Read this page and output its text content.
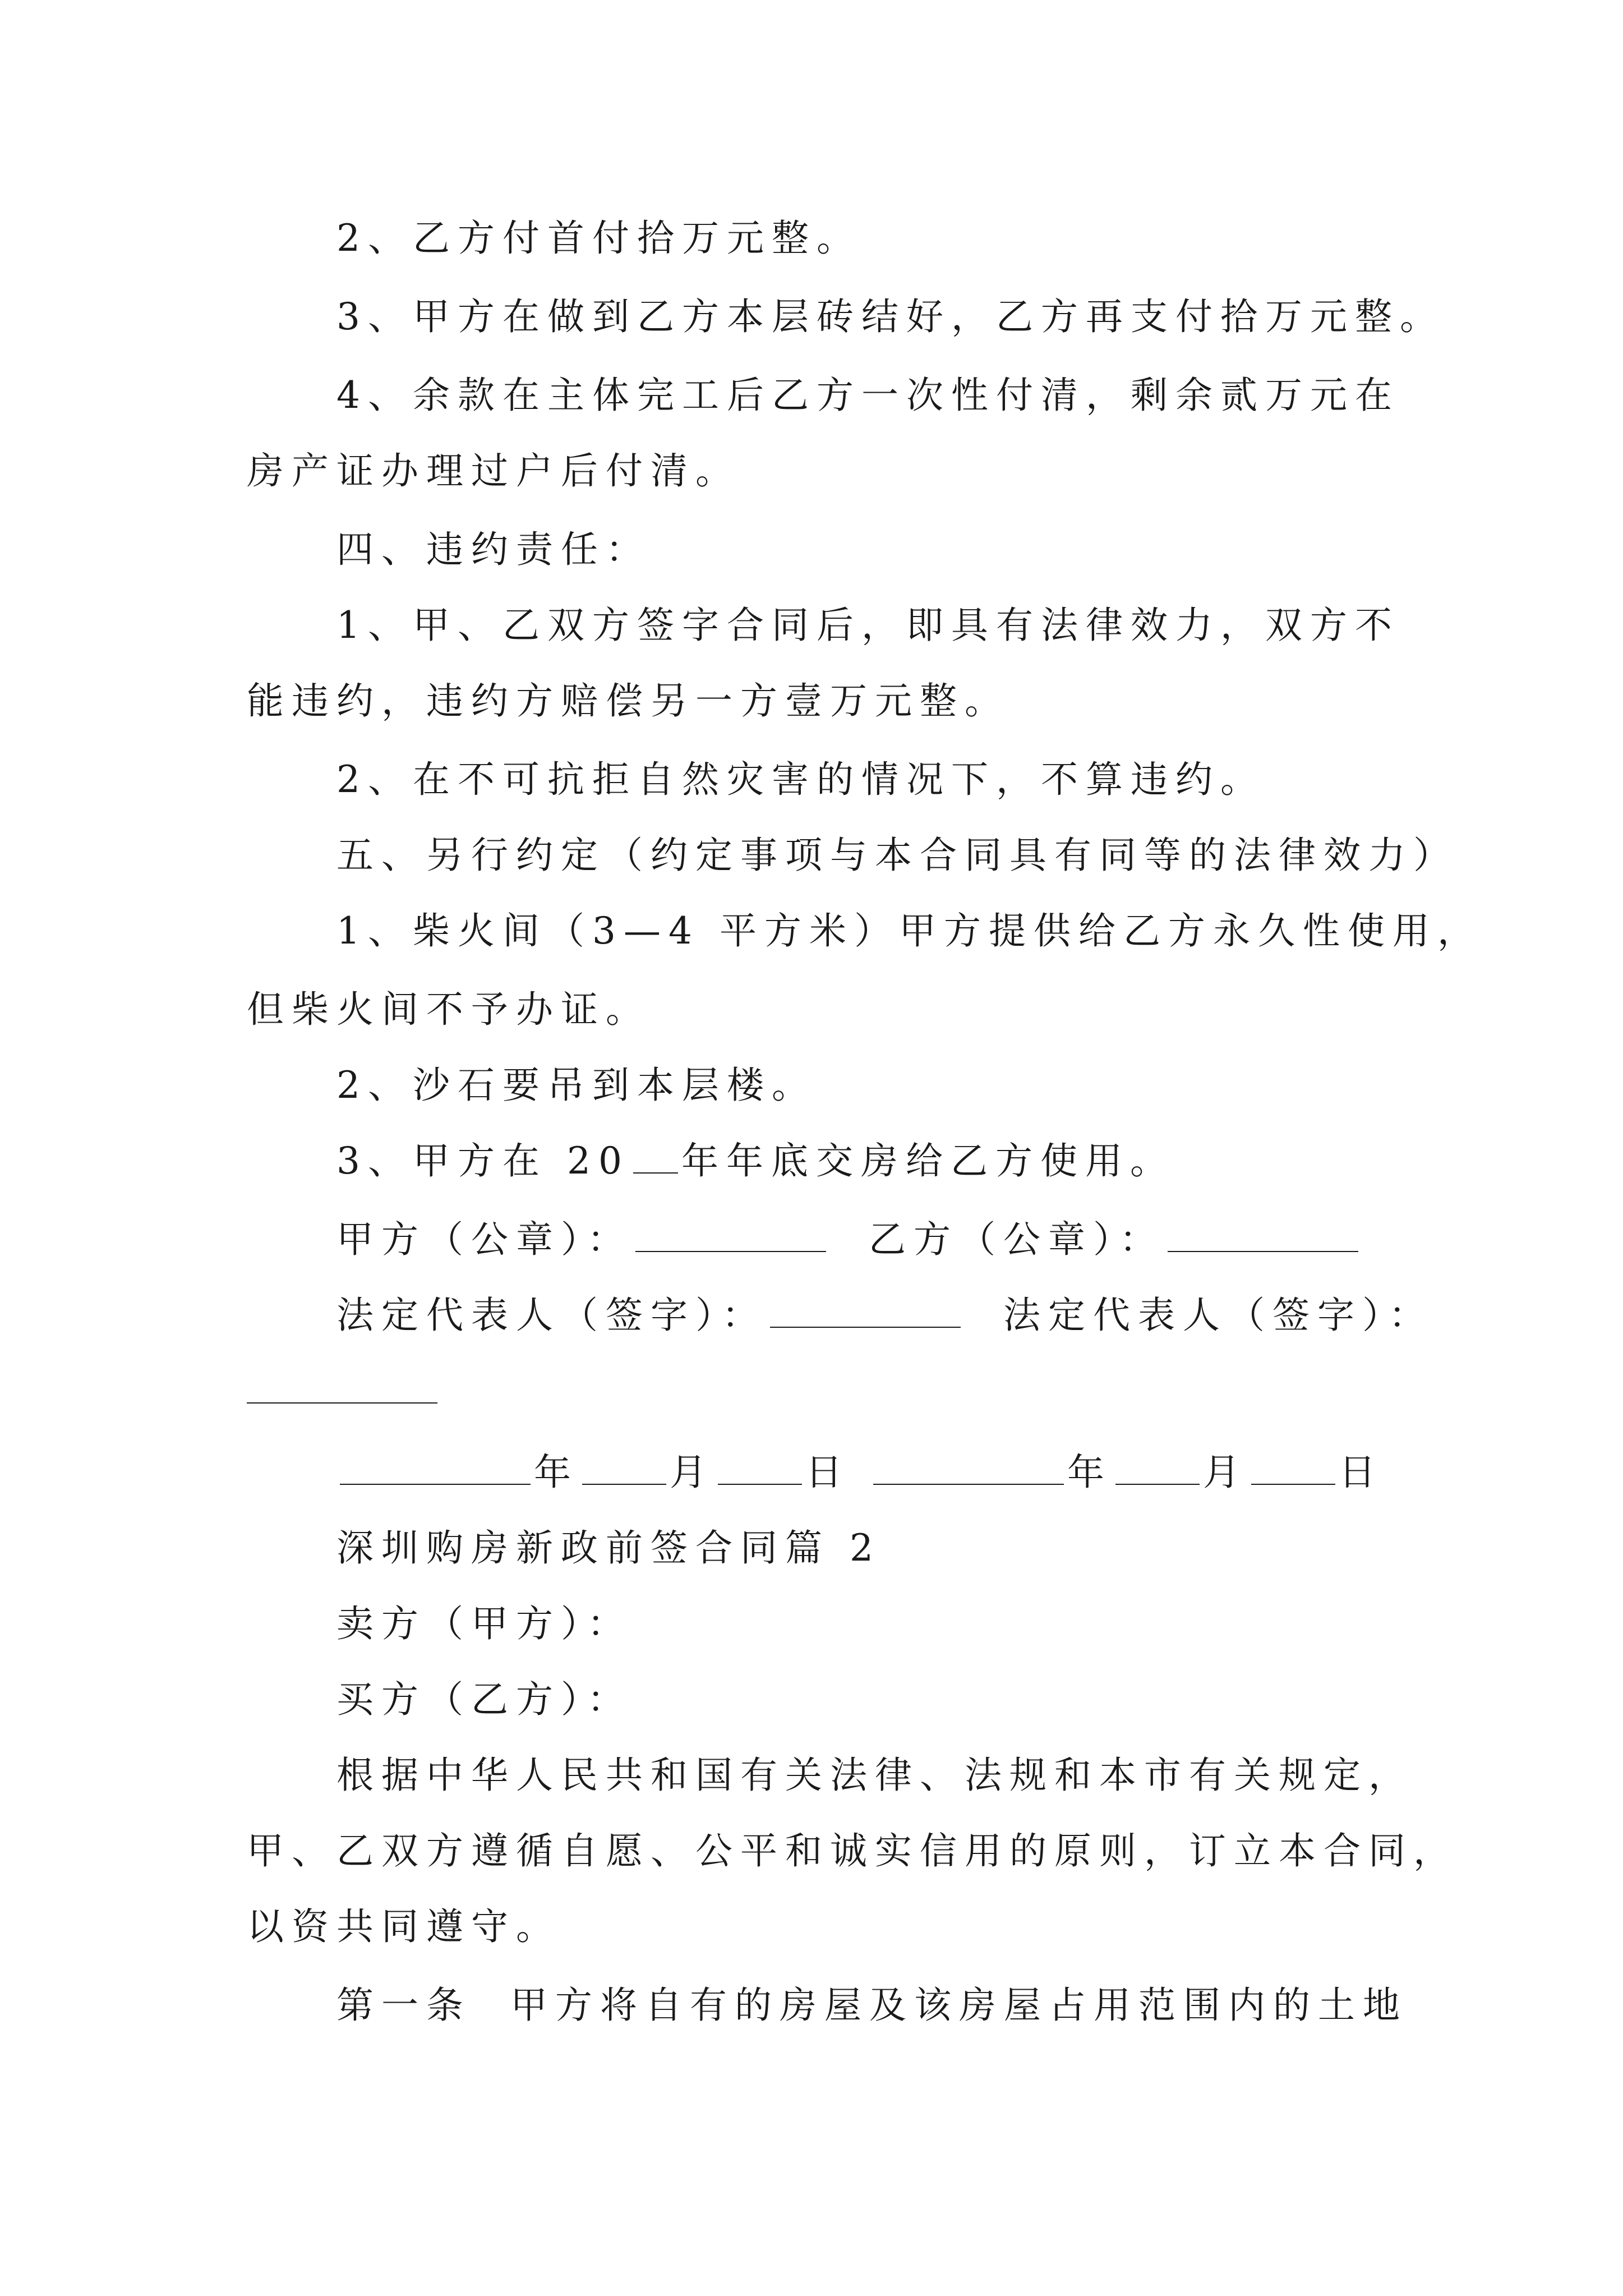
2、乙方付首付拾万元整。
3、甲方在做到乙方本层砖结好，乙方再支付拾万元整。
4、余款在主体完工后乙方一次性付清，剩余贰万元在
房产证办理过户后付清。
四、违约责任：
1、甲、乙双方签字合同后，即具有法律效力，双方不
能违约，违约方赔偿另一方壹万元整。
2、在不可抗拒自然灾害的情况下，不算违约。
五、另行约定（约定事项与本合同具有同等的法律效力）
1、柴火间（3—4 平方米）甲方提供给乙方永久性使用，
但柴火间不予办证。
2、沙石要吊到本层楼。
3、甲方在 20 年年底交房给乙方使用。
甲方（公章）：	乙方（公章）：
法定代表人（签字）：	法定代表人（签字）：
年 月 日	年 月 日
深圳购房新政前签合同篇 2
卖方（甲方）：
买方（乙方）：
根据中华人民共和国有关法律、法规和本市有关规定，
甲、乙双方遵循自愿、公平和诚实信用的原则，订立本合同，
以资共同遵守。
第一条  甲方将自有的房屋及该房屋占用范围内的土地
